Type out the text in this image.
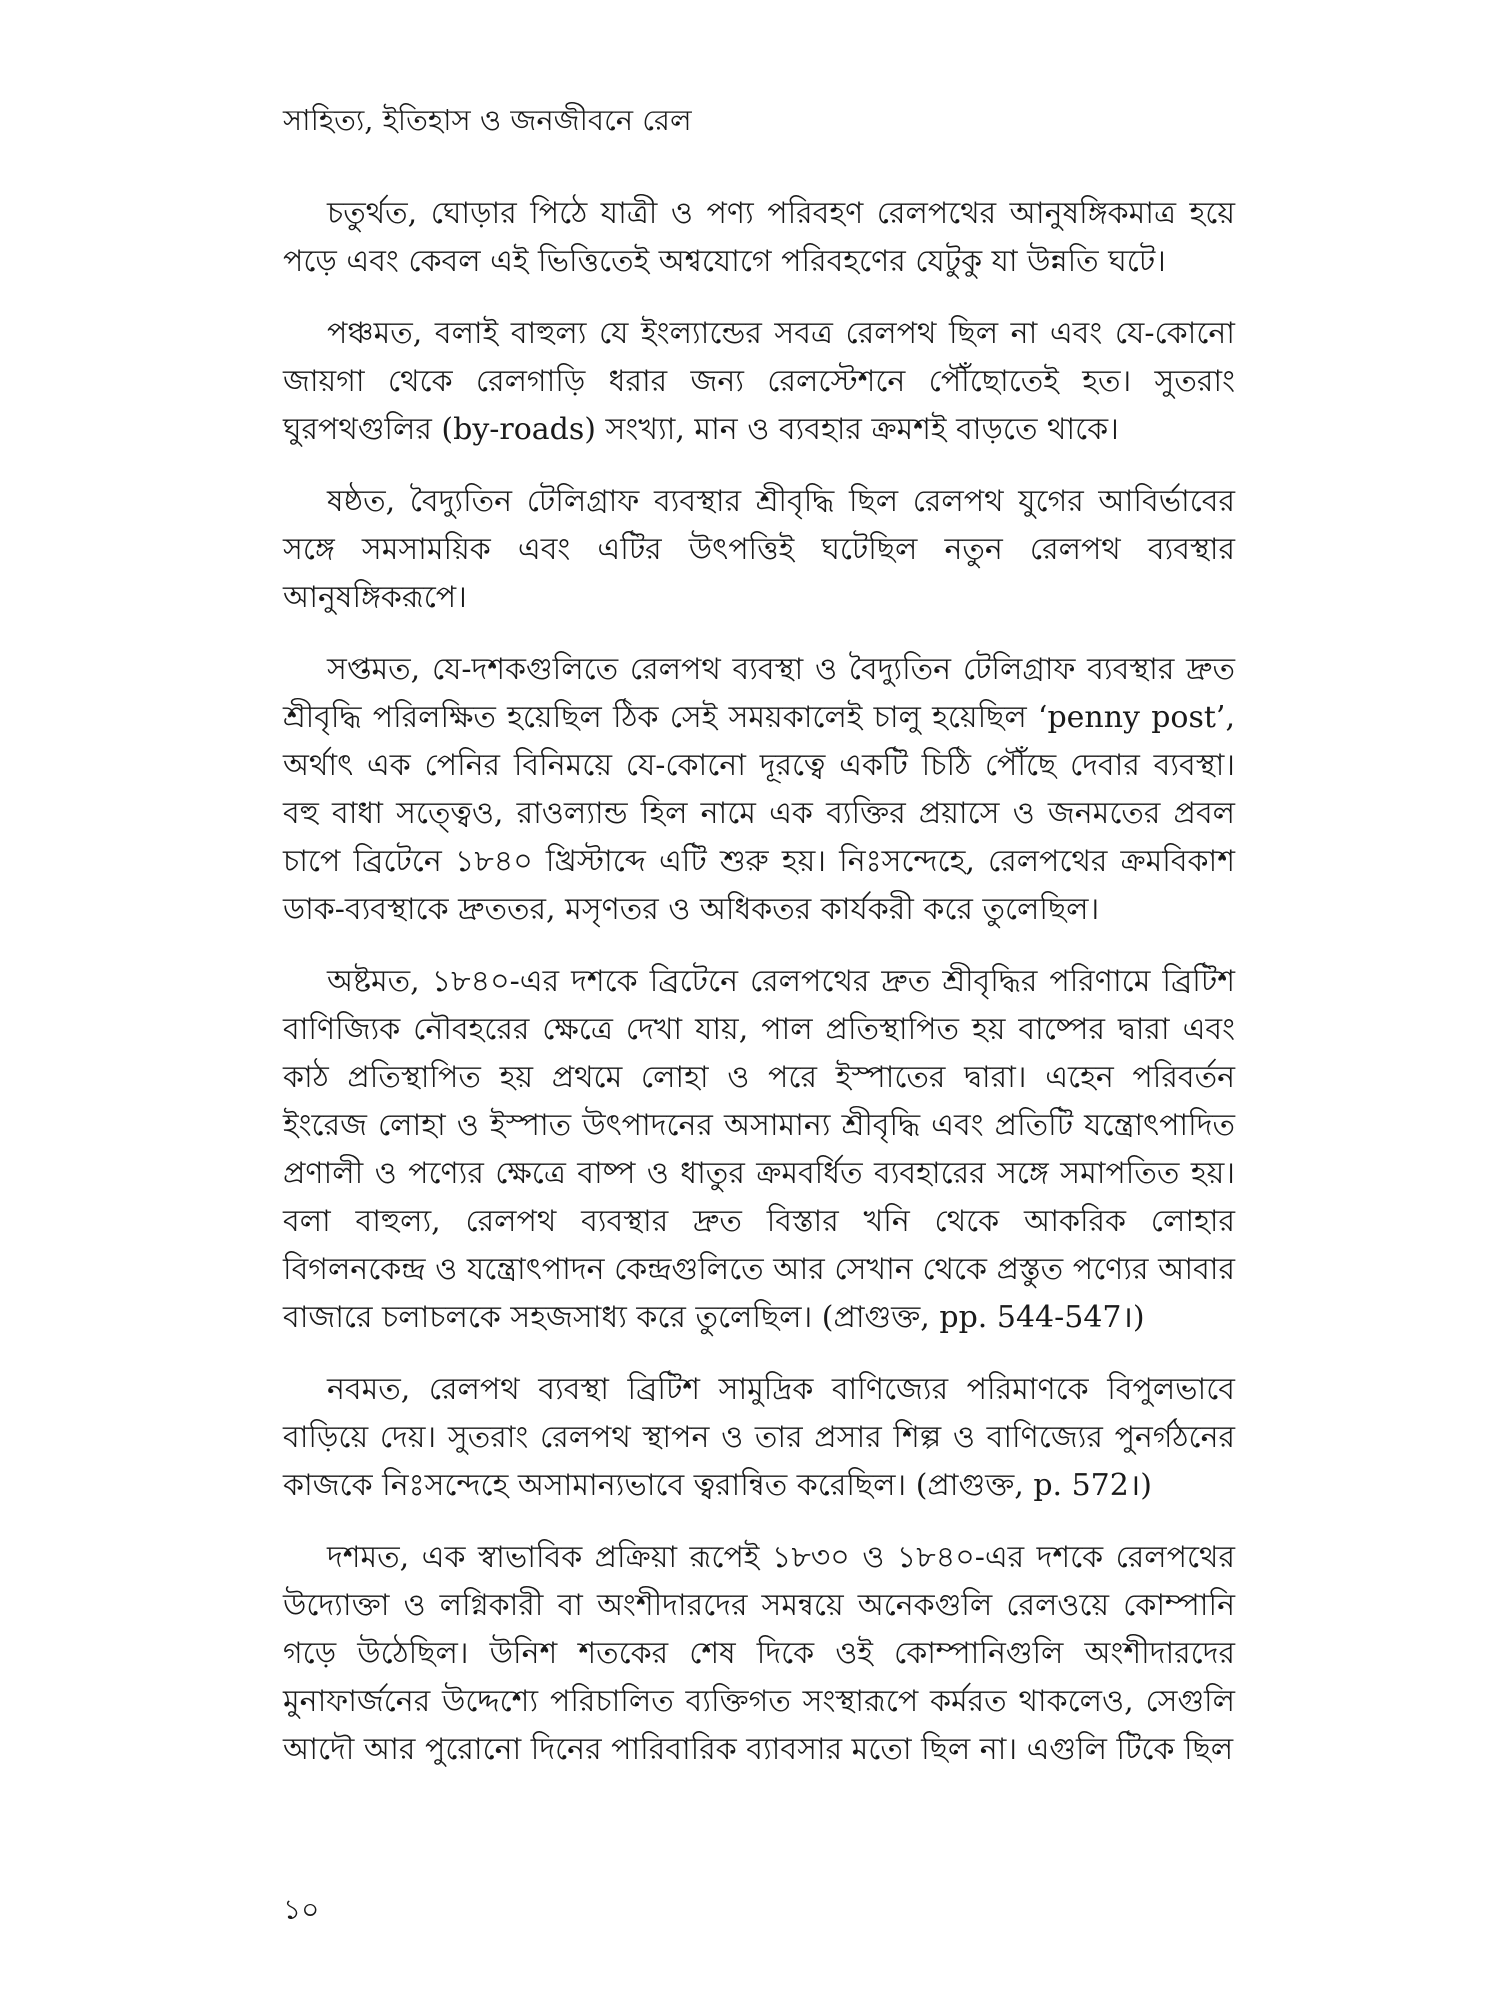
সাহিত্য, ইতিহাস ও জনজীবনে রেল

চতুর্থত, ঘোড়ার পিঠে যাত্রী ও পণ্য পরিবহণ রেলপথের আনুষঙ্গিকমাত্র হয়ে পড়ে এবং কেবল এই ভিত্তিতেই অশ্বযোগে পরিবহণের যেটুকু যা উন্নতি ঘটে।

পঞ্চমত, বলাই বাহুল্য যে ইংল্যান্ডের সবত্র রেলপথ ছিল না এবং যে-কোনো জায়গা থেকে রেলগাড়ি ধরার জন্য রেলস্টেশনে পৌঁছোতেই হত। সুতরাং ঘুরপথগুলির (by-roads) সংখ্যা, মান ও ব্যবহার ক্রমশই বাড়তে থাকে।

ষষ্ঠত, বৈদ্যুতিন টেলিগ্রাফ ব্যবস্থার শ্রীবৃদ্ধি ছিল রেলপথ যুগের আবির্ভাবের সঙ্গে সমসাময়িক এবং এটির উৎপত্তিই ঘটেছিল নতুন রেলপথ ব্যবস্থার আনুষঙ্গিকরূপে।

সপ্তমত, যে-দশকগুলিতে রেলপথ ব্যবস্থা ও বৈদ্যুতিন টেলিগ্রাফ ব্যবস্থার দ্রুত শ্রীবৃদ্ধি পরিলক্ষিত হয়েছিল ঠিক সেই সময়কালেই চালু হয়েছিল ‘penny post’, অর্থাৎ এক পেনির বিনিময়ে যে-কোনো দূরত্বে একটি চিঠি পৌঁছে দেবার ব্যবস্থা। বহু বাধা সত্ত্বেও, রাওল্যান্ড হিল নামে এক ব্যক্তির প্রয়াসে ও জনমতের প্রবল চাপে ব্রিটেনে ১৮৪০ খ্রিস্টাব্দে এটি শুরু হয়। নিঃসন্দেহে, রেলপথের ক্রমবিকাশ ডাক-ব্যবস্থাকে দ্রুততর, মসৃণতর ও অধিকতর কার্যকরী করে তুলেছিল।

অষ্টমত, ১৮৪০-এর দশকে ব্রিটেনে রেলপথের দ্রুত শ্রীবৃদ্ধির পরিণামে ব্রিটিশ বাণিজ্যিক নৌবহরের ক্ষেত্রে দেখা যায়, পাল প্রতিস্থাপিত হয় বাষ্পের দ্বারা এবং কাঠ প্রতিস্থাপিত হয় প্রথমে লোহা ও পরে ইস্পাতের দ্বারা। এহেন পরিবর্তন ইংরেজ লোহা ও ইস্পাত উৎপাদনের অসামান্য শ্রীবৃদ্ধি এবং প্রতিটি যন্ত্রোৎপাদিত প্রণালী ও পণ্যের ক্ষেত্রে বাষ্প ও ধাতুর ক্রমবর্ধিত ব্যবহারের সঙ্গে সমাপতিত হয়। বলা বাহুল্য, রেলপথ ব্যবস্থার দ্রুত বিস্তার খনি থেকে আকরিক লোহার বিগলনকেন্দ্র ও যন্ত্রোৎপাদন কেন্দ্রগুলিতে আর সেখান থেকে প্রস্তুত পণ্যের আবার বাজারে চলাচলকে সহজসাধ্য করে তুলেছিল। (প্রাগুক্ত, pp. 544-547।)

নবমত, রেলপথ ব্যবস্থা ব্রিটিশ সামুদ্রিক বাণিজ্যের পরিমাণকে বিপুলভাবে বাড়িয়ে দেয়। সুতরাং রেলপথ স্থাপন ও তার প্রসার শিল্প ও বাণিজ্যের পুনর্গঠনের কাজকে নিঃসন্দেহে অসামান্যভাবে ত্বরান্বিত করেছিল। (প্রাগুক্ত, p. 572।)

দশমত, এক স্বাভাবিক প্রক্রিয়া রূপেই ১৮৩০ ও ১৮৪০-এর দশকে রেলপথের উদ্যোক্তা ও লগ্নিকারী বা অংশীদারদের সমন্বয়ে অনেকগুলি রেলওয়ে কোম্পানি গড়ে উঠেছিল। উনিশ শতকের শেষ দিকে ওই কোম্পানিগুলি অংশীদারদের মুনাফার্জনের উদ্দেশ্যে পরিচালিত ব্যক্তিগত সংস্থারূপে কর্মরত থাকলেও, সেগুলি আদৌ আর পুরোনো দিনের পারিবারিক ব্যাবসার মতো ছিল না। এগুলি টিকে ছিল

১০
